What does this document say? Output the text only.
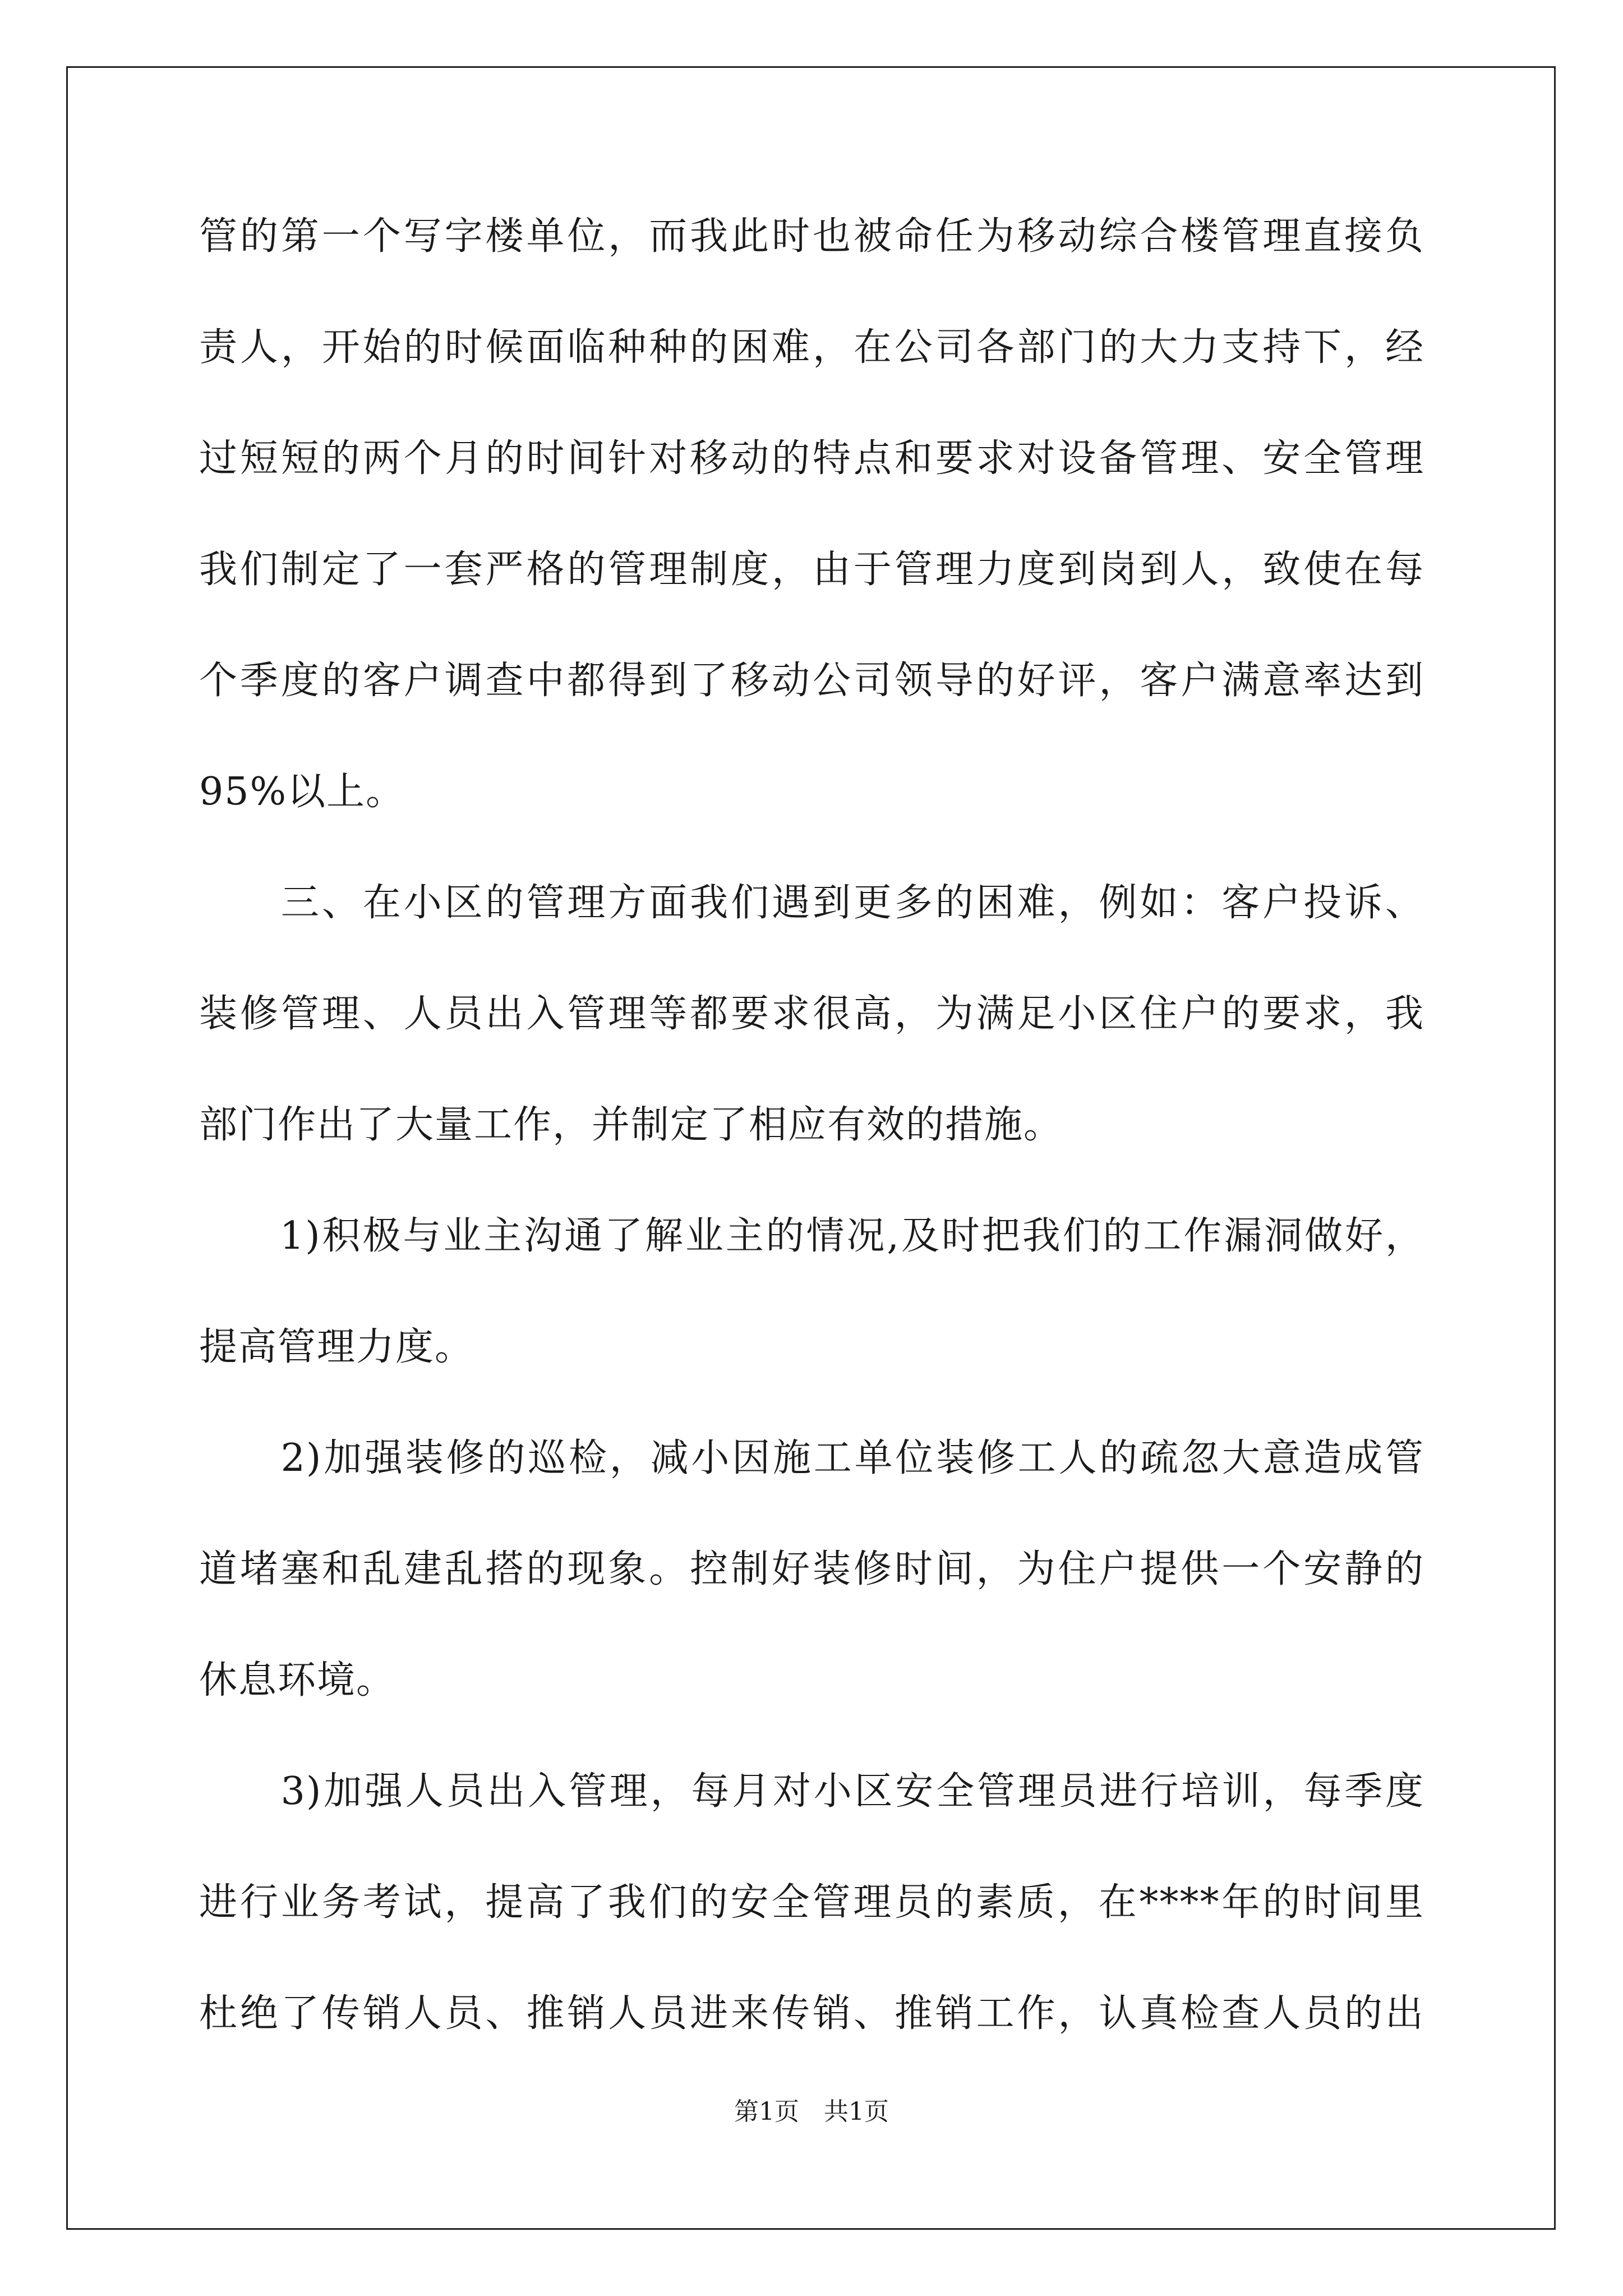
管的第一个写字楼单位，而我此时也被命任为移动综合楼管理直接负
责人，开始的时候面临种种的困难，在公司各部门的大力支持下，经
过短短的两个月的时间针对移动的特点和要求对设备管理、安全管理
我们制定了一套严格的管理制度，由于管理力度到岗到人，致使在每
个季度的客户调查中都得到了移动公司领导的好评，客户满意率达到
95%以上。
　　三、在小区的管理方面我们遇到更多的困难，例如：客户投诉、
装修管理、人员出入管理等都要求很高，为满足小区住户的要求，我
部门作出了大量工作，并制定了相应有效的措施。
　　1)积极与业主沟通了解业主的情况,及时把我们的工作漏洞做好，
提高管理力度。
　　2)加强装修的巡检，减小因施工单位装修工人的疏忽大意造成管
道堵塞和乱建乱搭的现象。控制好装修时间，为住户提供一个安静的
休息环境。
　　3)加强人员出入管理，每月对小区安全管理员进行培训，每季度
进行业务考试，提高了我们的安全管理员的素质，在****年的时间里
杜绝了传销人员、推销人员进来传销、推销工作，认真检查人员的出
第1页　共1页
